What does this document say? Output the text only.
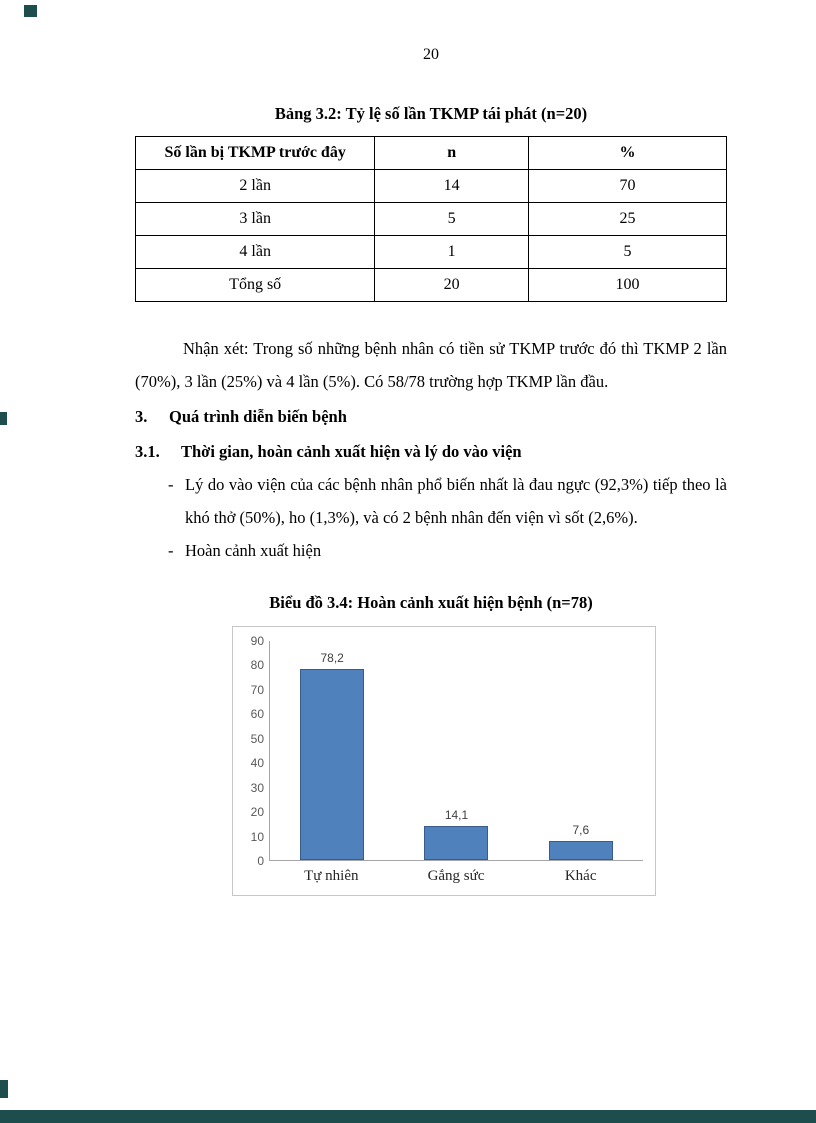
20
Bảng 3.2: Tỷ lệ số lần TKMP tái phát (n=20)
Số lần bị TKMP trước đây	n	%
2 lần	14	70
3 lần	5	25
4 lần	1	5
Tổng số	20	100

Nhận xét: Trong số những bệnh nhân có tiền sử TKMP trước đó thì TKMP 2 lần (70%), 3 lần (25%) và 4 lần (5%). Có 58/78 trường hợp TKMP lần đầu.

3.	Quá trình diễn biến bệnh
3.1.	Thời gian, hoàn cảnh xuất hiện và lý do vào viện
- Lý do vào viện của các bệnh nhân phổ biến nhất là đau ngực (92,3%) tiếp theo là khó thở (50%), ho (1,3%), và có 2 bệnh nhân đến viện vì sốt (2,6%).
- Hoàn cảnh xuất hiện
Biểu đồ 3.4: Hoàn cảnh xuất hiện bệnh (n=78)
0
10
20
30
40
50
60
70
80
90
78,2
14,1
7,6
Tự nhiên	Gắng sức	Khác
